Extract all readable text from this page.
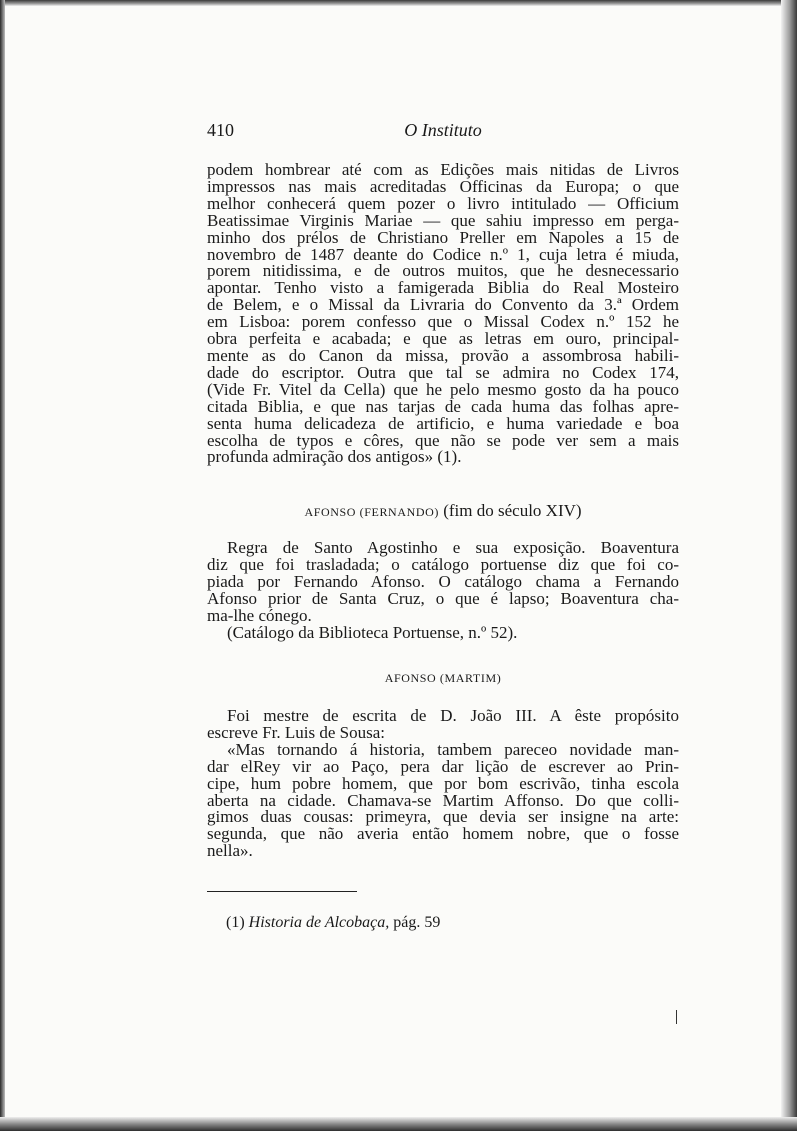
O Instituto
410
podem hombrear até com as Edições mais nitidas de Livros
impressos nas mais acreditadas Officinas da Europa; o que
melhor conhecerá quem pozer o livro intitulado — Officium
Beatissimae Virginis Mariae — que sahiu impresso em perga-
minho dos prélos de Christiano Preller em Napoles a 15 de
novembro de 1487 deante do Codice n.º 1, cuja letra é miuda,
porem nitidissima, e de outros muitos, que he desnecessario
apontar. Tenho visto a famigerada Biblia do Real Mosteiro
de Belem, e o Missal da Livraria do Convento da 3.ª Ordem
em Lisboa: porem confesso que o Missal Codex n.º 152 he
obra perfeita e acabada; e que as letras em ouro, principal-
mente as do Canon da missa, provão a assombrosa habili-
dade do escriptor. Outra que tal se admira no Codex 174,
(Vide Fr. Vitel da Cella) que he pelo mesmo gosto da ha pouco
citada Biblia, e que nas tarjas de cada huma das folhas apre-
senta huma delicadeza de artificio, e huma variedade e boa
escolha de typos e côres, que não se pode ver sem a mais
profunda admiração dos antigos» (1).
AFONSO (FERNANDO) (fim do século XIV)
Regra de Santo Agostinho e sua exposição. Boaventura
diz que foi trasladada; o catálogo portuense diz que foi co-
piada por Fernando Afonso. O catálogo chama a Fernando
Afonso prior de Santa Cruz, o que é lapso; Boaventura cha-
ma-lhe cónego.
(Catálogo da Biblioteca Portuense, n.º 52).
AFONSO (MARTIM)
Foi mestre de escrita de D. João III. A êste propósito
escreve Fr. Luis de Sousa:
«Mas tornando á historia, tambem pareceo novidade man-
dar elRey vir ao Paço, pera dar lição de escrever ao Prin-
cipe, hum pobre homem, que por bom escrivão, tinha escola
aberta na cidade. Chamava-se Martim Affonso. Do que colli-
gimos duas cousas: primeyra, que devia ser insigne na arte:
segunda, que não averia então homem nobre, que o fosse
nella».
(1) Historia de Alcobaça, pág. 59
